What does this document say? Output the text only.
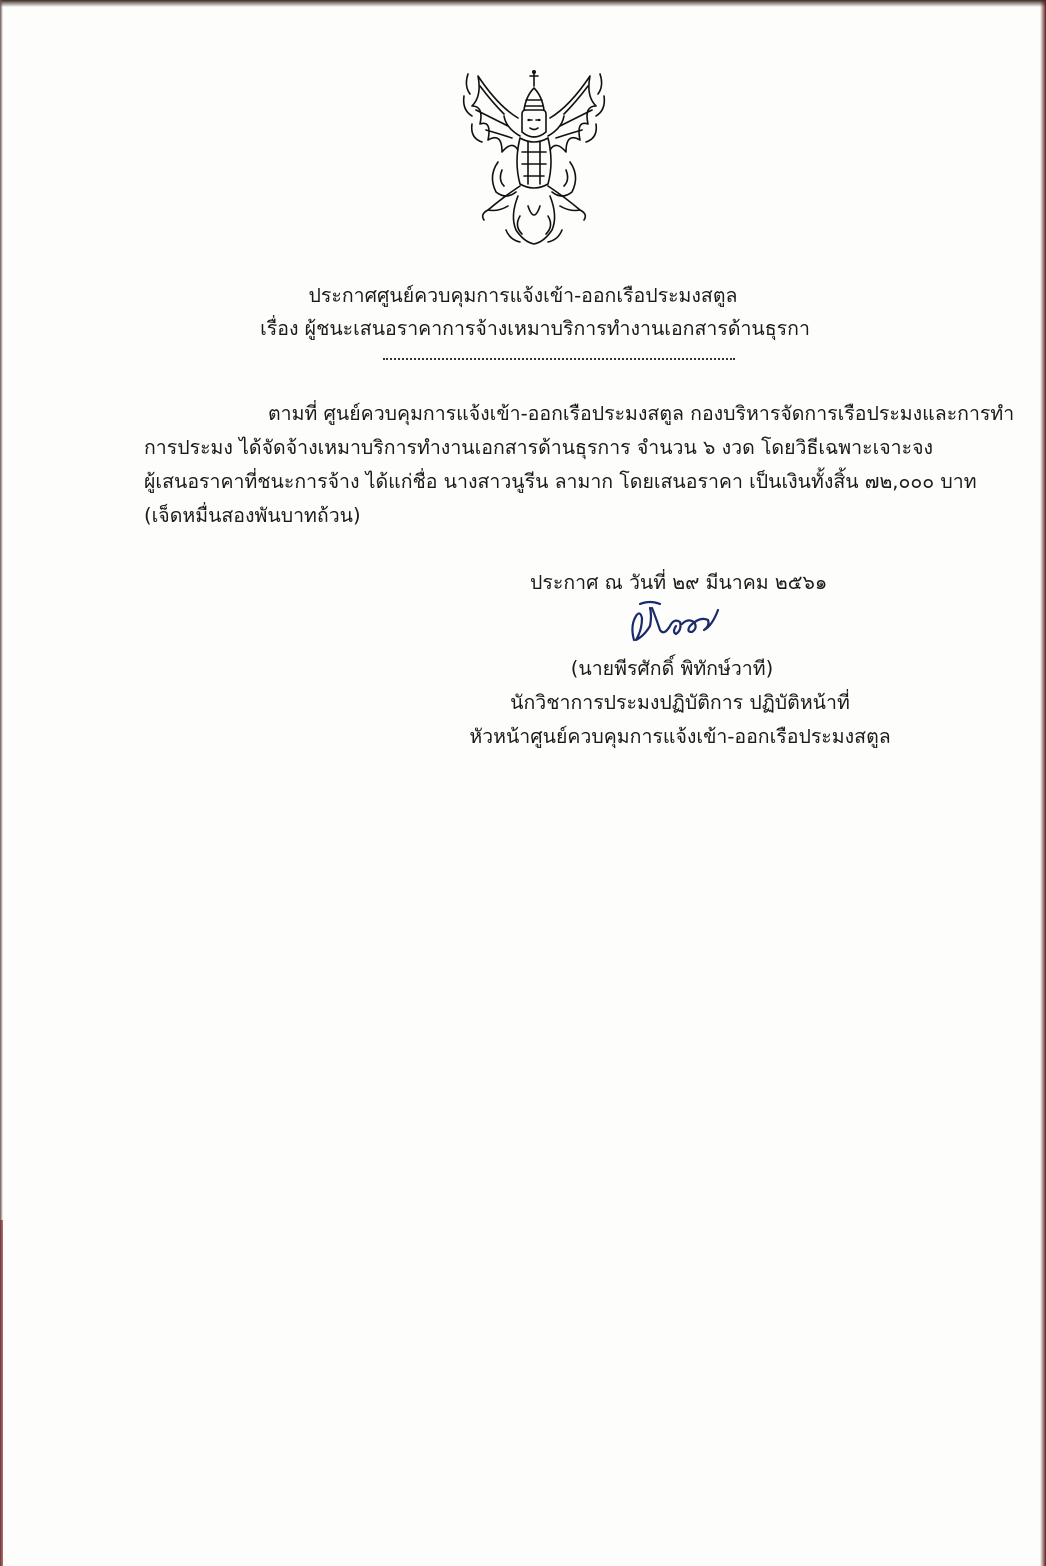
ประกาศศูนย์ควบคุมการแจ้งเข้า-ออกเรือประมงสตูล
เรื่อง ผู้ชนะเสนอราคาการจ้างเหมาบริการทำงานเอกสารด้านธุรกา
ตามที่ ศูนย์ควบคุมการแจ้งเข้า-ออกเรือประมงสตูล กองบริหารจัดการเรือประมงและการทำ
การประมง ได้จัดจ้างเหมาบริการทำงานเอกสารด้านธุรการ จำนวน ๖ งวด โดยวิธีเฉพาะเจาะจง
ผู้เสนอราคาที่ชนะการจ้าง ได้แก่ชื่อ นางสาวนูรีน ลามาก โดยเสนอราคา เป็นเงินทั้งสิ้น ๗๒,๐๐๐ บาท
(เจ็ดหมื่นสองพันบาทถ้วน)
ประกาศ ณ วันที่ ๒๙ มีนาคม ๒๕๖๑
(นายพีรศักดิ์ พิทักษ์วาที)
นักวิชาการประมงปฏิบัติการ ปฏิบัติหน้าที่
หัวหน้าศูนย์ควบคุมการแจ้งเข้า-ออกเรือประมงสตูล
